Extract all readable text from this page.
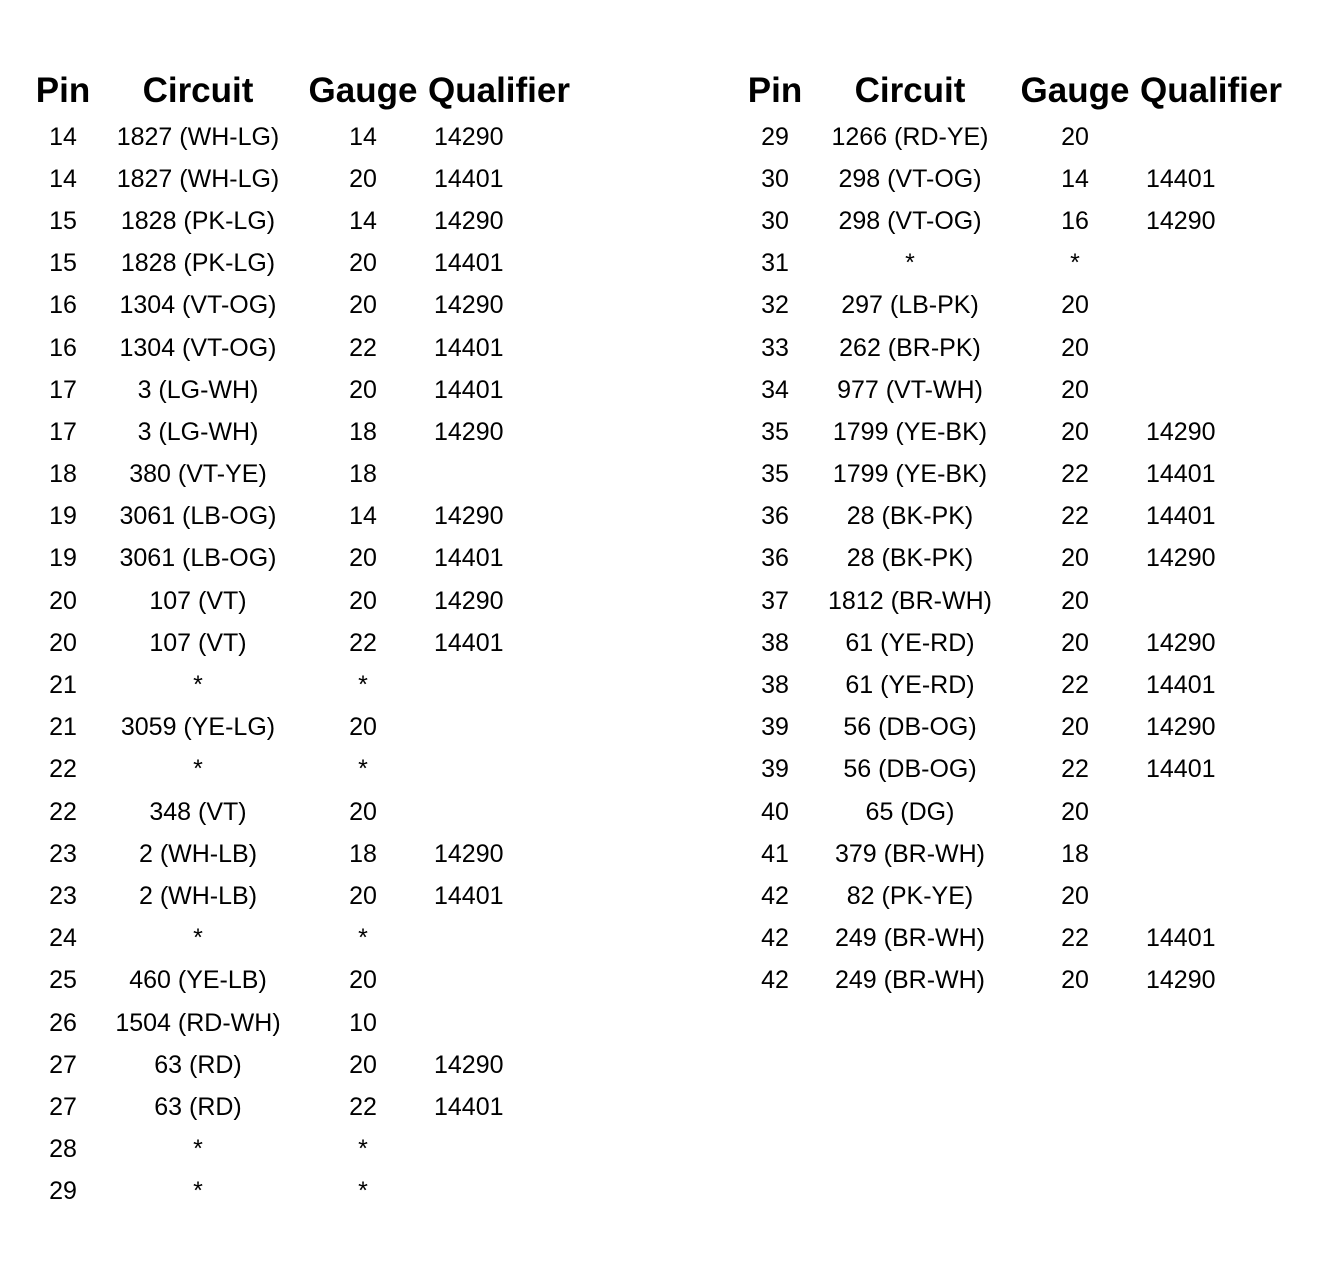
Pin	Circuit	Gauge	Qualifier
14	1827 (WH-LG)	14	14290
14	1827 (WH-LG)	20	14401
15	1828 (PK-LG)	14	14290
15	1828 (PK-LG)	20	14401
16	1304 (VT-OG)	20	14290
16	1304 (VT-OG)	22	14401
17	3 (LG-WH)	20	14401
17	3 (LG-WH)	18	14290
18	380 (VT-YE)	18	
19	3061 (LB-OG)	14	14290
19	3061 (LB-OG)	20	14401
20	107 (VT)	20	14290
20	107 (VT)	22	14401
21	*	*	
21	3059 (YE-LG)	20	
22	*	*	
22	348 (VT)	20	
23	2 (WH-LB)	18	14290
23	2 (WH-LB)	20	14401
24	*	*	
25	460 (YE-LB)	20	
26	1504 (RD-WH)	10	
27	63 (RD)	20	14290
27	63 (RD)	22	14401
28	*	*	
29	*	*	
Pin	Circuit	Gauge	Qualifier
29	1266 (RD-YE)	20	
30	298 (VT-OG)	14	14401
30	298 (VT-OG)	16	14290
31	*	*	
32	297 (LB-PK)	20	
33	262 (BR-PK)	20	
34	977 (VT-WH)	20	
35	1799 (YE-BK)	20	14290
35	1799 (YE-BK)	22	14401
36	28 (BK-PK)	22	14401
36	28 (BK-PK)	20	14290
37	1812 (BR-WH)	20	
38	61 (YE-RD)	20	14290
38	61 (YE-RD)	22	14401
39	56 (DB-OG)	20	14290
39	56 (DB-OG)	22	14401
40	65 (DG)	20	
41	379 (BR-WH)	18	
42	82 (PK-YE)	20	
42	249 (BR-WH)	22	14401
42	249 (BR-WH)	20	14290
